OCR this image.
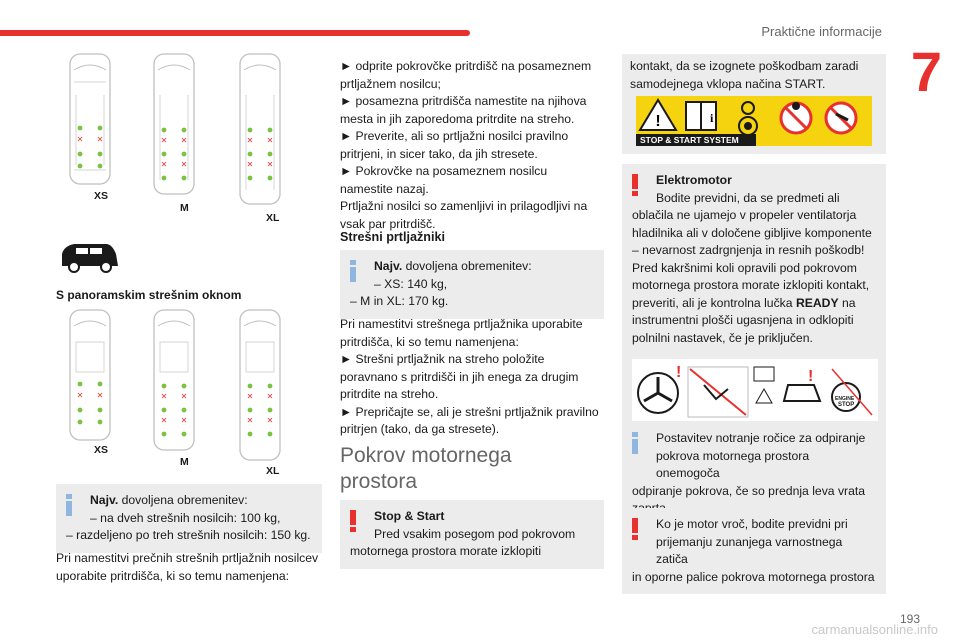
Praktične informacije
7
✕ ✕	✕ ✕
✕ ✕
✕ ✕
✕ ✕
XS
M
XL
S panoramskim strešnim oknom
✕ ✕	✕ ✕
✕ ✕
✕ ✕
✕ ✕
XS
M
XL
Najv. dovoljena obremenitev:
– na dveh strešnih nosilcih: 100 kg,
– razdeljeno po treh strešnih nosilcih: 150 kg.
Pri namestitvi prečnih strešnih prtljažnih nosilcev
uporabite pritrdišča, ki so temu namenjena:
► odprite pokrovčke pritrdišč na posameznem
prtljažnem nosilcu;
► posamezna pritrdišča namestite na njihova
mesta in jih zaporedoma pritrdite na streho.
► Preverite, ali so prtljažni nosilci pravilno
pritrjeni, in sicer tako, da jih stresete.
► Pokrovčke na posameznem nosilcu
namestite nazaj.
Prtljažni nosilci so zamenljivi in prilagodljivi na
vsak par pritrdišč.
Strešni prtljažniki
Najv. dovoljena obremenitev:
– XS: 140 kg,
– M in XL: 170 kg.
Pri namestitvi strešnega prtljažnika uporabite
pritrdišča, ki so temu namenjena:
► Strešni prtljažnik na streho položite
poravnano s pritrdišči in jih enega za drugim
pritrdite na streho.
► Prepričajte se, ali je strešni prtljažnik pravilno
pritrjen (tako, da ga stresete).
Pokrov motornega
prostora
Stop & Start
Pred vsakim posegom pod pokrovom
motornega prostora morate izklopiti
kontakt, da se izognete poškodbam zaradi
samodejnega vklopa načina START.
!	i
STOP & START SYSTEM
Elektromotor
Bodite previdni, da se predmeti ali
oblačila ne ujamejo v propeler ventilatorja
hladilnika ali v določene gibljive komponente
– nevarnost zadrgnjenja in resnih poškodb!
Pred kakršnimi koli opravili pod pokrovom
motornega prostora morate izklopiti kontakt,
preveriti, ali je kontrolna lučka READY na
instrumentni plošči ugasnjena in odklopiti
polnilni nastavek, če je priključen.
!	!
ENGINE
STOP
Postavitev notranje ročice za odpiranje
pokrova motornega prostora onemogoča
odpiranje pokrova, če so prednja leva vrata
Ko je motor vroč, bodite previdni pri
prijemanju zunanjega varnostnega zatiča
in oporne palice pokrova motornega prostora
193
carmanualsonline.info
